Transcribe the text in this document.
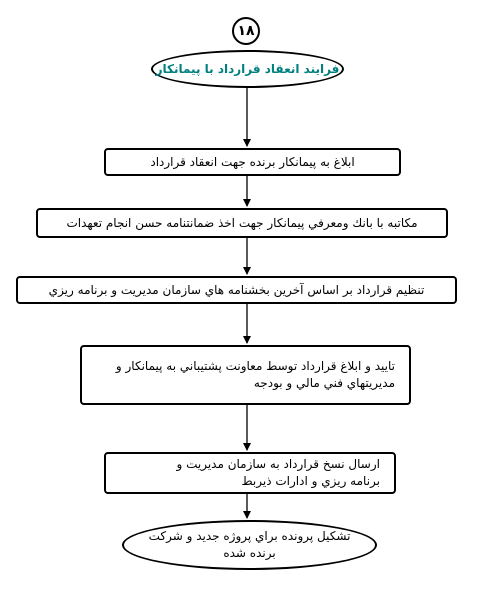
۱۸
فرايند انعقاد قرارداد با پيمانكار
ابلاغ به پيمانكار برنده جهت انعقاد قرارداد
مكاتبه با بانك ومعرفي پيمانكار جهت اخذ ضمانتنامه حسن انجام تعهدات
تنظيم قرارداد بر اساس آخرين بخشنامه هاي سازمان مديريت و برنامه ريزي
تاييد و ابلاغ قرارداد توسط معاونت پشتيباني به پيمانكار و
مديريتهاي فني مالي و بودجه
ارسال نسخ قرارداد به سازمان مديريت و
برنامه ريزي و ادارات ذيربط
تشكيل پرونده براي پروژه جديد و شركت
برنده شده
